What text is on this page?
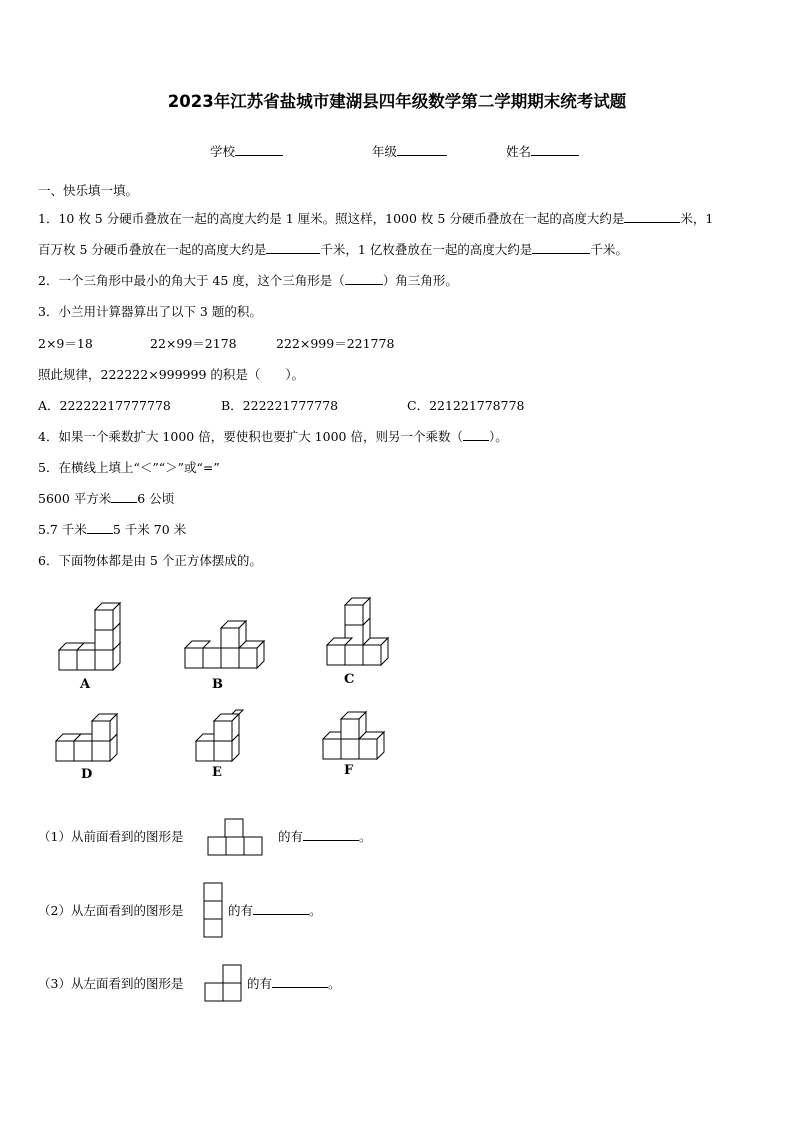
2023年江苏省盐城市建湖县四年级数学第二学期期末统考试题
学校	年级	姓名
一、快乐填一填。
1．10 枚 5 分硬币叠放在一起的高度大约是 1 厘米。照这样，1000 枚 5 分硬币叠放在一起的高度大约是	米，1
百万枚 5 分硬币叠放在一起的高度大约是	千米，1 亿枚叠放在一起的高度大约是	千米。
2．一个三角形中最小的角大于 45 度，这个三角形是（	）角三角形。
3．小兰用计算器算出了以下 3 题的积。
2×9＝18	22×99＝2178	222×999＝221778
照此规律，222222×999999 的积是（　　）。
A．22222217777778	B．222221777778	C．221221778778
4．如果一个乘数扩大 1000 倍，要使积也要扩大 1000 倍，则另一个乘数（ ）。
5．在横线上填上“＜”“＞”或“=”
5600 平方米 6 公顷
5.7 千米 5 千米 70 米
6．下面物体都是由 5 个正方体摆成的。
A	B	C
D	E	F
（1）从前面看到的图形是	的有	。
（2）从左面看到的图形是	的有	。
（3）从左面看到的图形是	的有	。
